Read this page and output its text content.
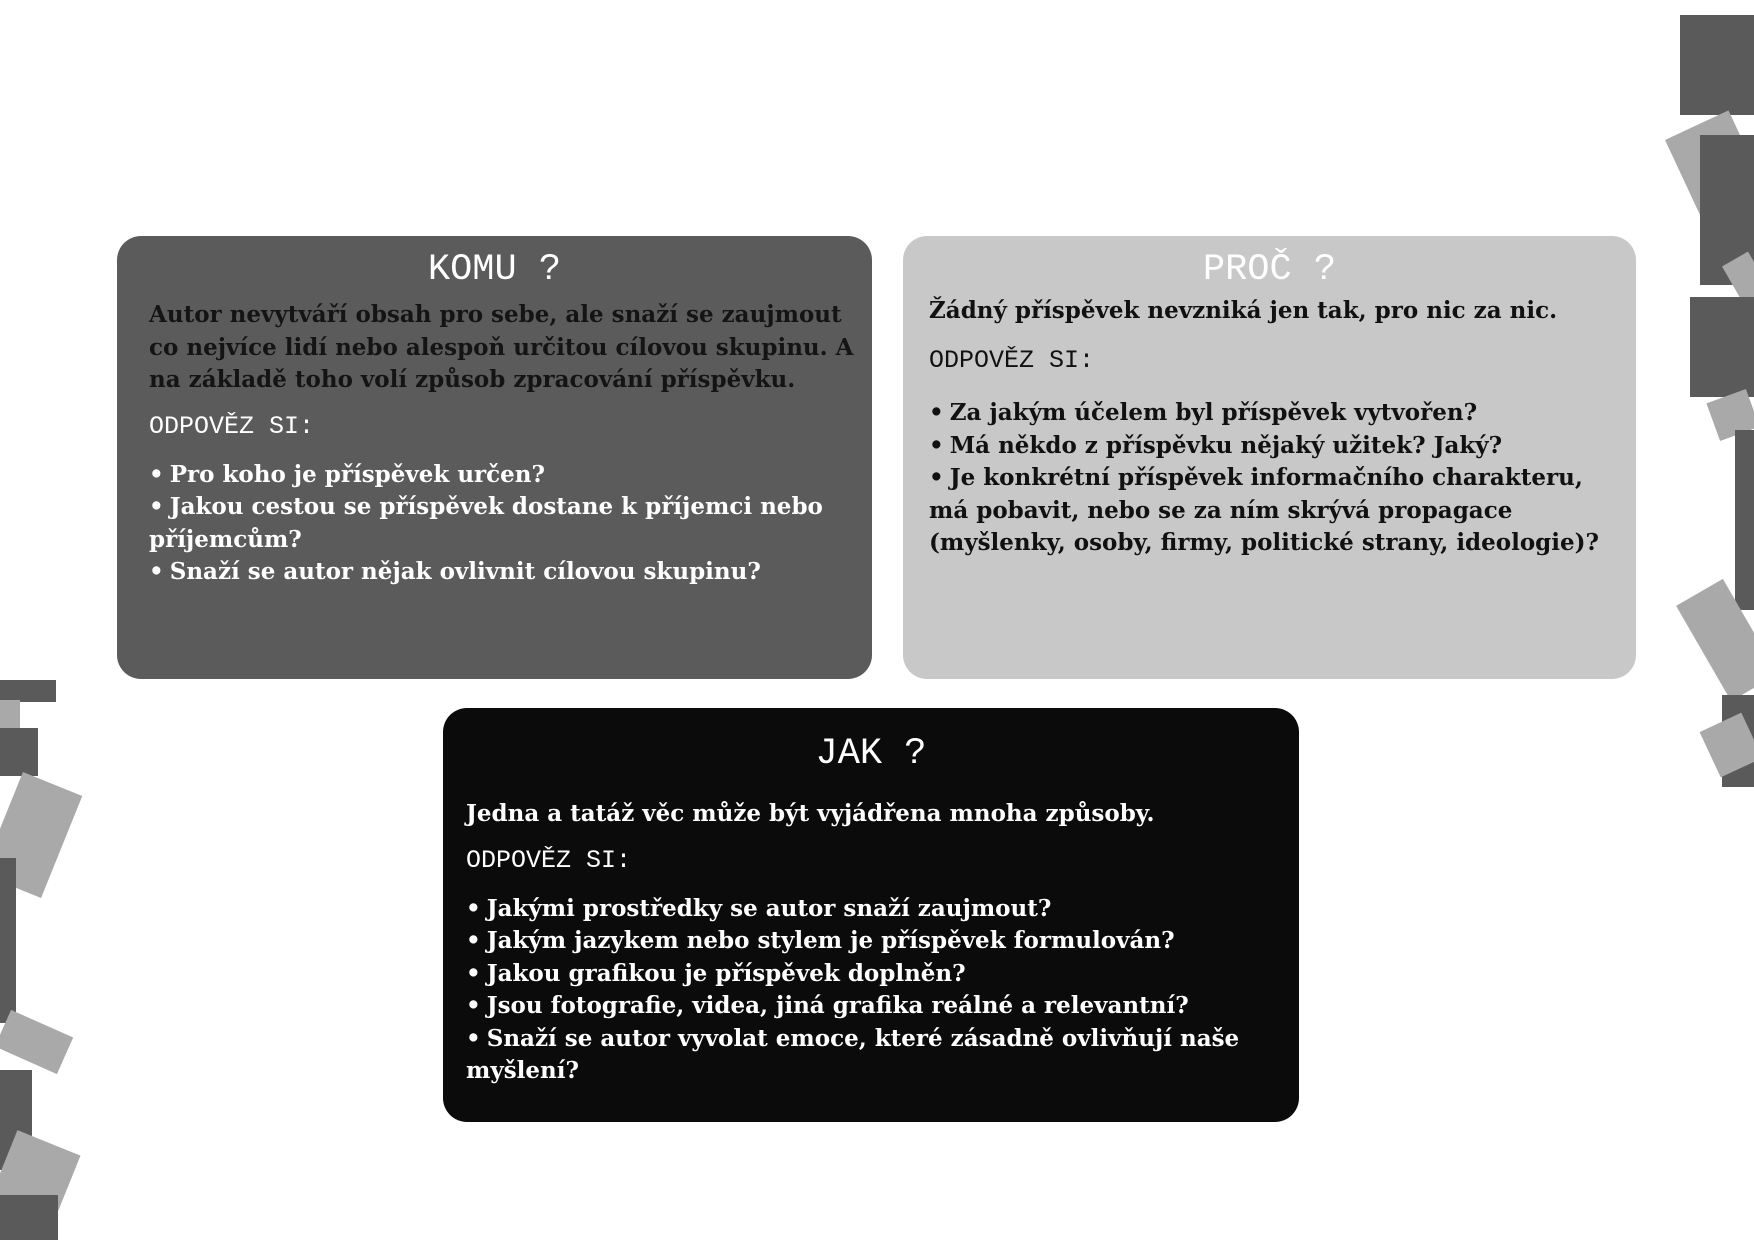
KOMU ?

Autor nevytváří obsah pro sebe, ale snaží se zaujmout co nejvíce lidí nebo alespoň určitou cílovou skupinu. A na základě toho volí způsob zpracování příspěvku.

ODPOVĚZ SI:

• Pro koho je příspěvek určen?
• Jakou cestou se příspěvek dostane k příjemci nebo příjemcům?
• Snaží se autor nějak ovlivnit cílovou skupinu?
PROČ ?

Žádný příspěvek nevzniká jen tak, pro nic za nic.

ODPOVĚZ SI:

• Za jakým účelem byl příspěvek vytvořen?
• Má někdo z příspěvku nějaký užitek? Jaký?
• Je konkrétní příspěvek informačního charakteru, má pobavit, nebo se za ním skrývá propagace (myšlenky, osoby, firmy, politické strany, ideologie)?
JAK ?

Jedna a tatáž věc může být vyjádřena mnoha způsoby.

ODPOVĚZ SI:

• Jakými prostředky se autor snaží zaujmout?
• Jakým jazykem nebo stylem je příspěvek formulován?
• Jakou grafikou je příspěvek doplněn?
• Jsou fotografie, videa, jiná grafika reálné a relevantní?
• Snaží se autor vyvolat emoce, které zásadně ovlivňují naše myšlení?
